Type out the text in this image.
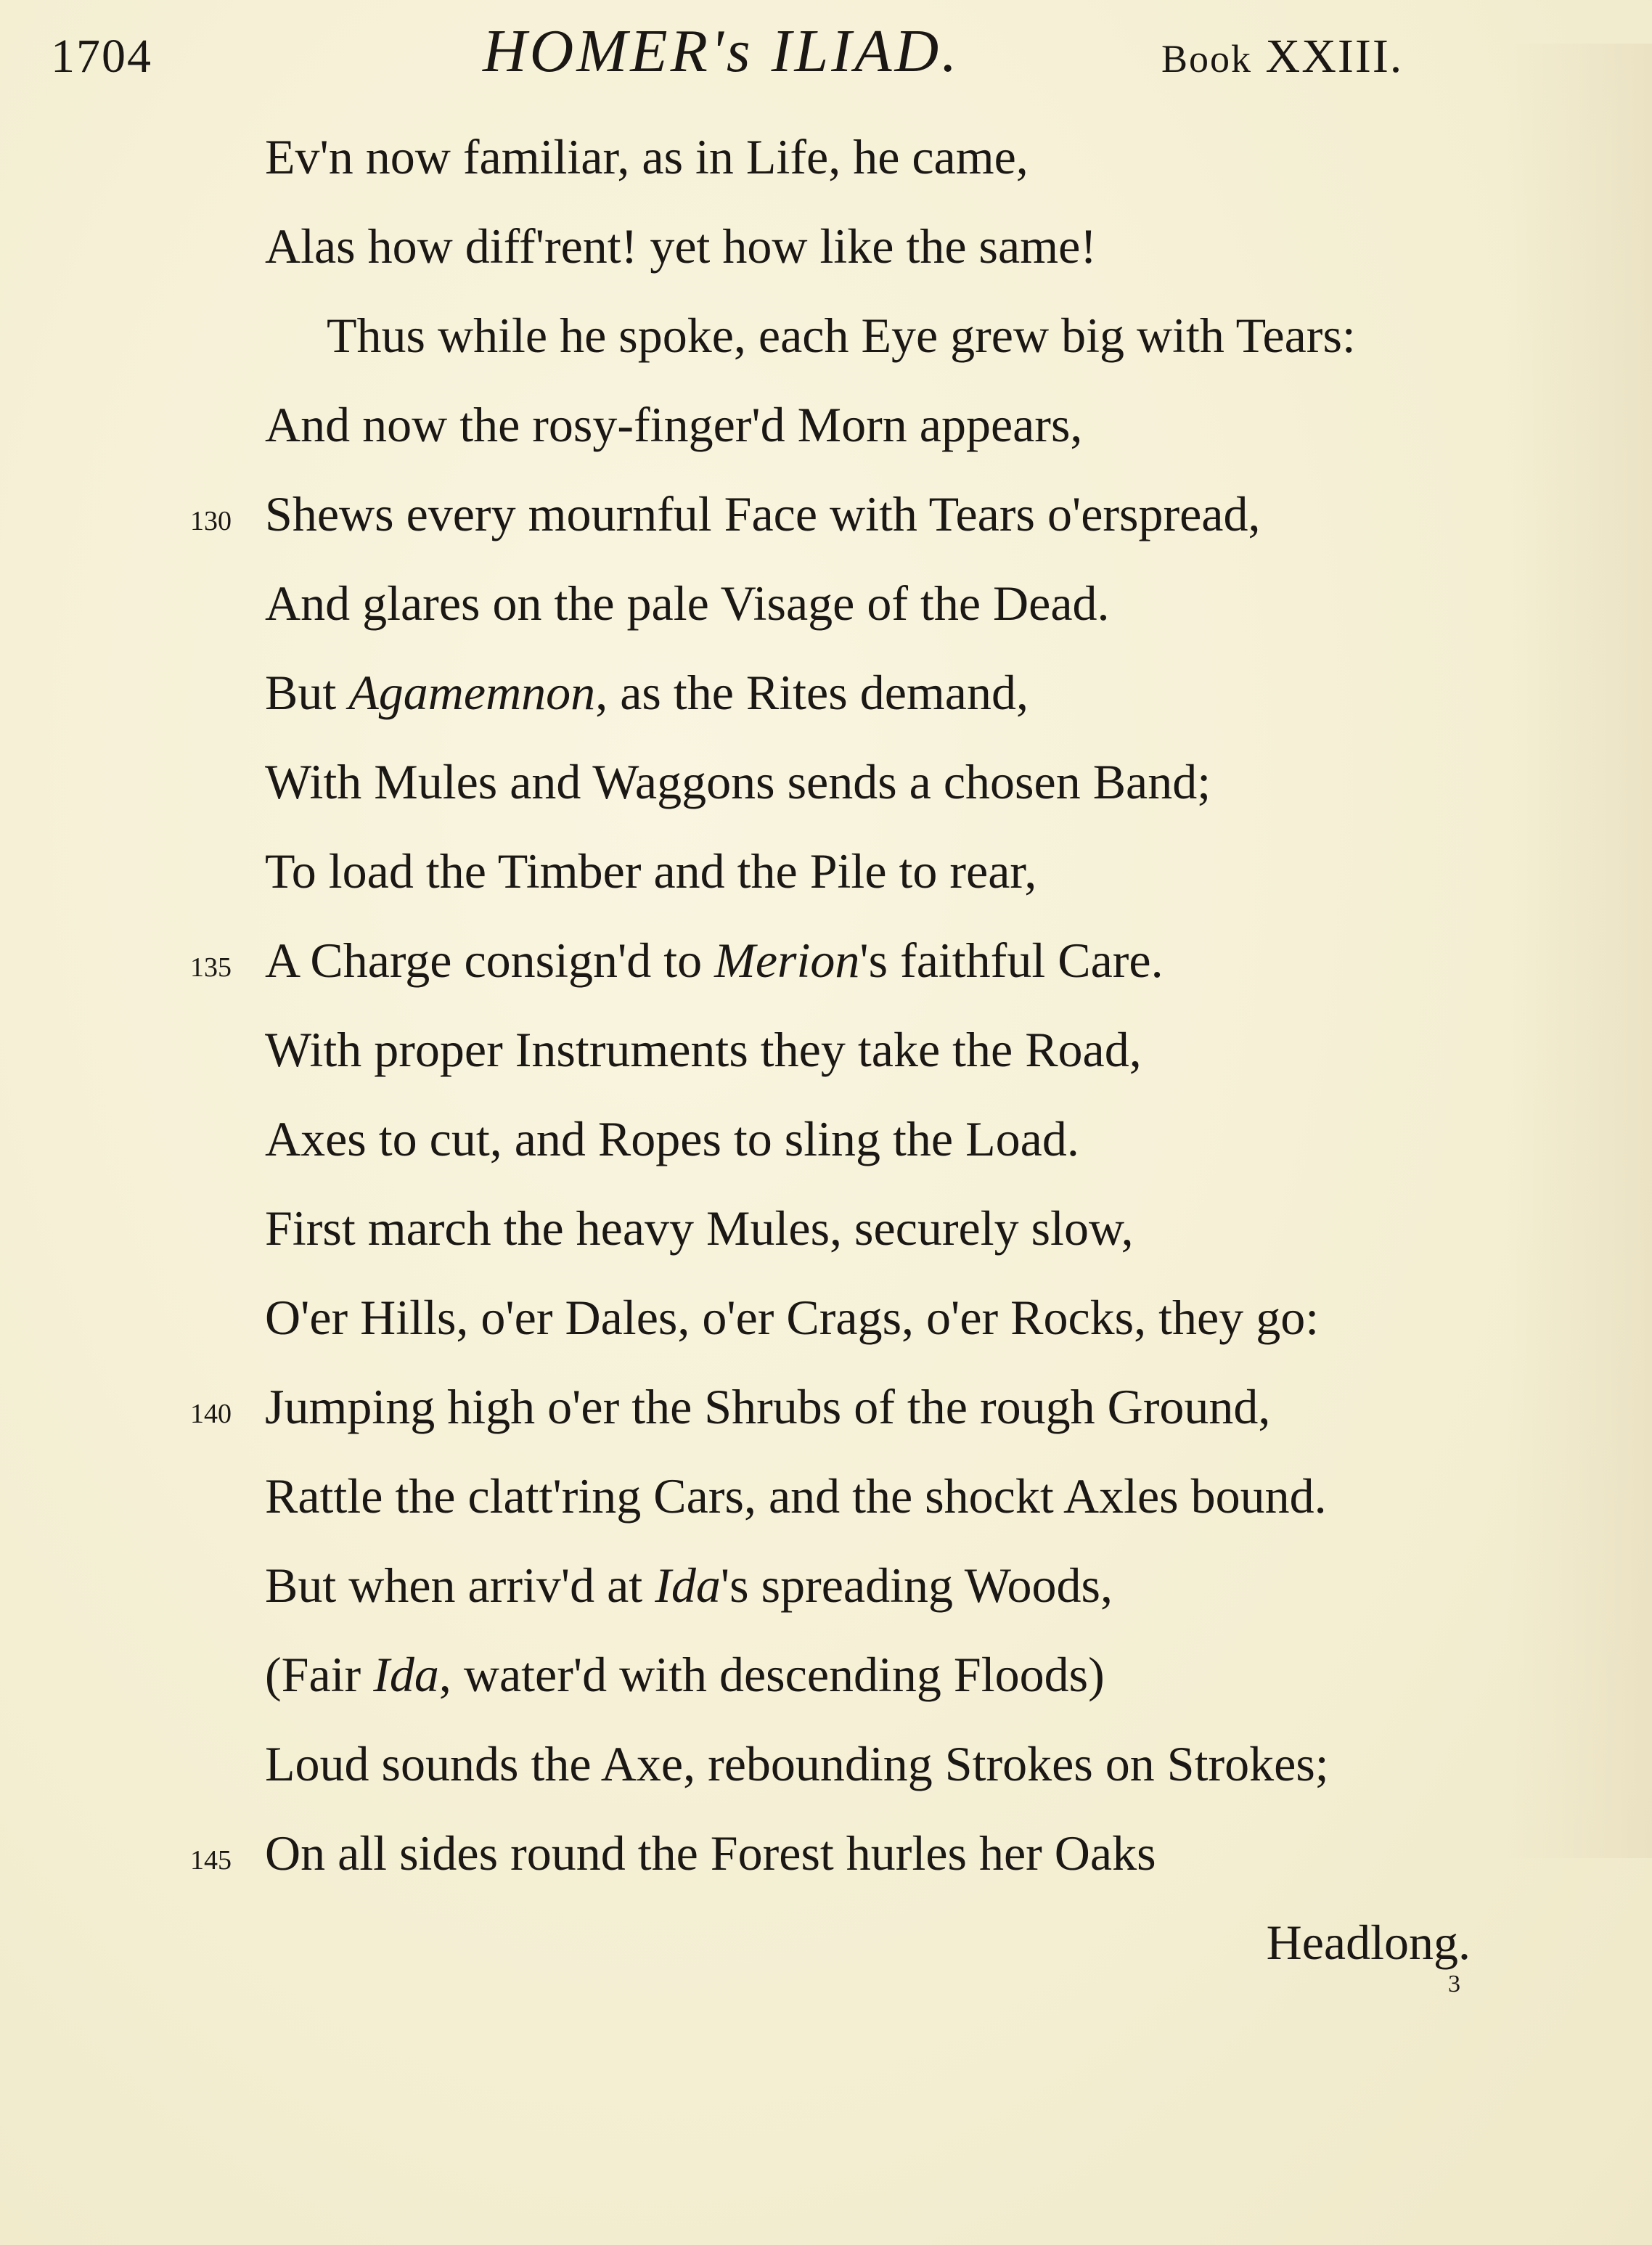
1704	HOMER's ILIAD.	Book XXIII.
Ev'n now familiar, as in Life, he came,
Alas how diff'rent! yet how like the same!
Thus while he spoke, each Eye grew big with Tears:
And now the rosy-finger'd Morn appears,
130 Shews every mournful Face with Tears o'erspread,
And glares on the pale Visage of the Dead.
But Agamemnon, as the Rites demand,
With Mules and Waggons sends a chosen Band;
To load the Timber and the Pile to rear,
135 A Charge consign'd to Merion's faithful Care.
With proper Instruments they take the Road,
Axes to cut, and Ropes to sling the Load.
First march the heavy Mules, securely slow,
O'er Hills, o'er Dales, o'er Crags, o'er Rocks, they go:
140 Jumping high o'er the Shrubs of the rough Ground,
Rattle the clatt'ring Cars, and the shockt Axles bound.
But when arriv'd at Ida's spreading Woods,
(Fair Ida, water'd with descending Floods)
Loud sounds the Axe, rebounding Strokes on Strokes;
145 On all sides round the Forest hurles her Oaks
Headlong.
3
